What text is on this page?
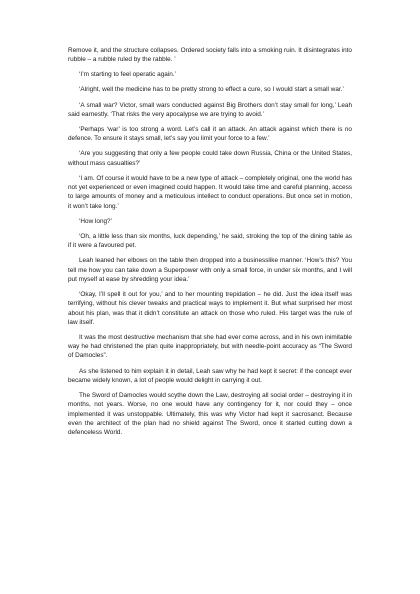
Remove it, and the structure collapses. Ordered society falls into a smoking ruin. It disintegrates into rubble – a rubble ruled by the rabble. ’

‘I’m starting to feel operatic again.’

‘Alright, well the medicine has to be pretty strong to effect a cure, so I would start a small war.’

‘A small war? Victor, small wars conducted against Big Brothers don’t stay small for long,’ Leah said earnestly. ‘That risks the very apocalypse we are trying to avoid.’

‘Perhaps ‘war’ is too strong a word. Let’s call it an attack. An attack against which there is no defence. To ensure it stays small, let’s say you limit your force to a few.’

‘Are you suggesting that only a few people could take down Russia, China or the United States, without mass casualties?’

‘I am. Of course it would have to be a new type of attack – completely original, one the world has not yet experienced or even imagined could happen. It would take time and careful planning, access to large amounts of money and a meticulous intellect to conduct operations. But once set in motion, it won’t take long.’

‘How long?’

‘Oh, a little less than six months, luck depending,’ he said, stroking the top of the dining table as if it were a favoured pet.

Leah leaned her elbows on the table then dropped into a businesslike manner. ‘How’s this? You tell me how you can take down a Superpower with only a small force, in under six months, and I will put myself at ease by shredding your idea.’

‘Okay, I’ll spell it out for you,’ and to her mounting trepidation – he did. Just the idea itself was terrifying, without his clever tweaks and practical ways to implement it. But what surprised her most about his plan, was that it didn’t constitute an attack on those who ruled. His target was the rule of law itself.

It was the most destructive mechanism that she had ever come across, and in his own inimitable way he had christened the plan quite inappropriately, but with needle-point accuracy as “The Sword of Damocles”.

As she listened to him explain it in detail, Leah saw why he had kept it secret: if the concept ever became widely known, a lot of people would delight in carrying it out.

The Sword of Damocles would scythe down the Law, destroying all social order – destroying it in months, not years. Worse, no one would have any contingency for it, nor could they – once implemented it was unstoppable. Ultimately, this was why Victor had kept it sacrosanct. Because even the architect of the plan had no shield against The Sword, once it started cutting down a defenceless World.
